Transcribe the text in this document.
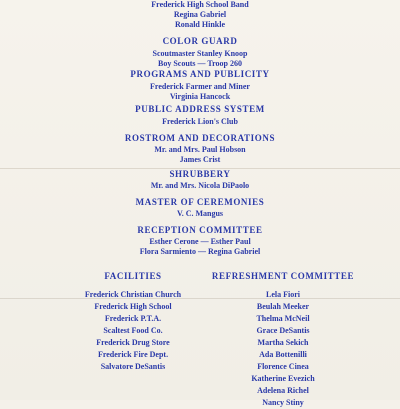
Frederick High School Band
Regina Gabriel
Ronald Hinkle
COLOR GUARD
Scoutmaster Stanley Knoop
Boy Scouts — Troop 260
PROGRAMS AND PUBLICITY
Frederick Farmer and Miner
Virginia Hancock
PUBLIC ADDRESS SYSTEM
Frederick Lion's Club
ROSTROM AND DECORATIONS
Mr. and Mrs. Paul Hobson
James Crist
SHRUBBERY
Mr. and Mrs. Nicola DiPaolo
MASTER OF CEREMONIES
V. C. Mangus
RECEPTION COMMITTEE
Esther Cerone — Esther Paul
Flora Sarmiento — Regina Gabriel
FACILITIES
Frederick Christian Church
Frederick High School
Frederick P.T.A.
Scaltest Food Co.
Frederick Drug Store
Frederick Fire Dept.
Salvatore DeSantis
REFRESHMENT COMMITTEE
Lela Fiori
Beulah Meeker
Thelma McNeil
Grace DeSantis
Martha Sekich
Ada Bottenilli
Florence Cinea
Katherine Evezich
Adelena Richel
Nancy Stiny
